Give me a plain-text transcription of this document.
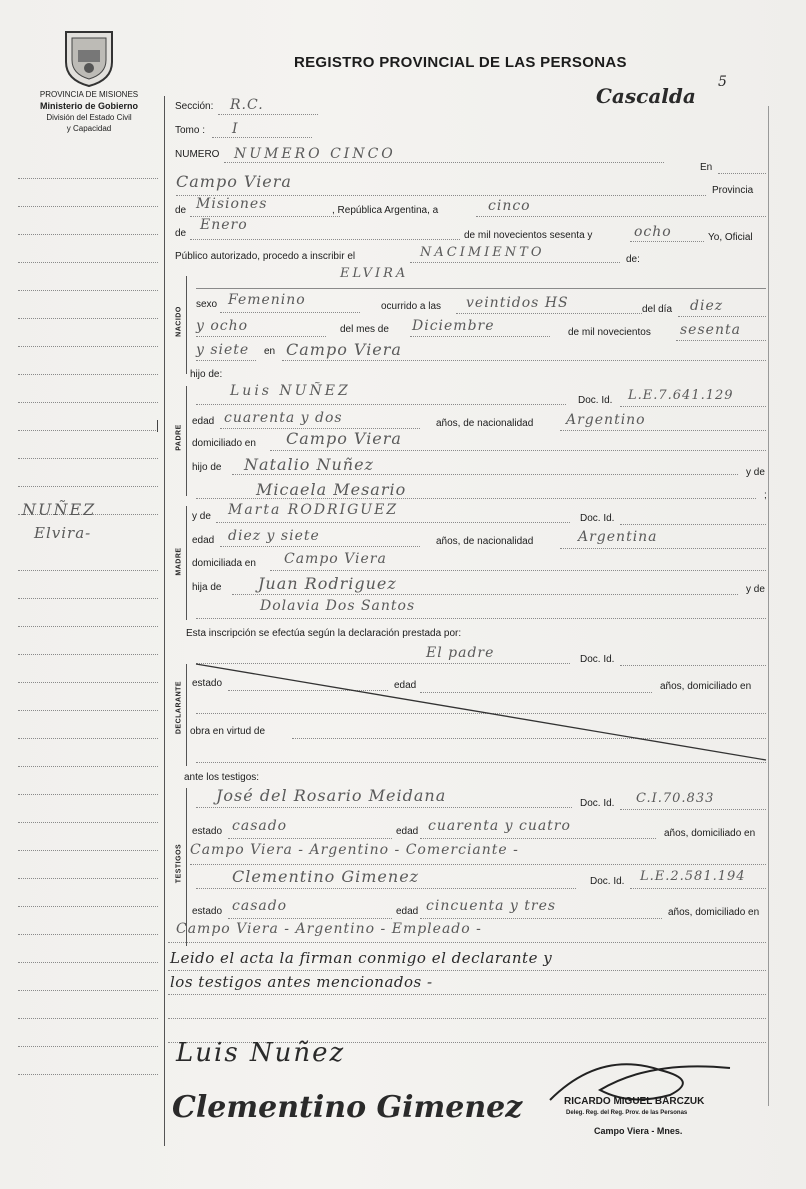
PROVINCIA DE MISIONES
Ministerio de Gobierno
División del Estado Civil
y Capacidad
REGISTRO PROVINCIAL DE LAS PERSONAS
5
Cascalda
NUÑEZ
Elvira-
NACIDO
PADRE
MADRE
DECLARANTE
TESTIGOS
Sección: R.C.
Tomo : I
NUMERO NUMERO CINCO
En
Campo Viera	Provincia
de Misiones	, República Argentina, a	cinco
de
Enero
de mil novecientos sesenta y	ocho	Yo, Oficial
Público autorizado, procedo a inscribir el	NACIMIENTO	de:
ELVIRA
sexo Femenino	ocurrido a las veintidos HS	del día diez
y ocho	del mes de Diciembre	de mil novecientos sesenta
y siete en Campo Viera
hijo de:
Luis NUÑEZ
Doc. Id. L.E.7.641.129
edad cuarenta y dos	años, de nacionalidad Argentino
domiciliado en Campo Viera
hijo de Natalio Nuñez	y de
Micaela Mesario	;
y de Marta RODRIGUEZ
Doc. Id.
edad diez y siete	años, de nacionalidad	Argentina
domiciliada en Campo Viera
hija de Juan Rodriguez	y de
Dolavia Dos Santos
Esta inscripción se efectúa según la declaración prestada por:
El padre	Doc. Id.
estado	edad	años, domiciliado en
obra en virtud de
ante los testigos:
José del Rosario Meidana	Doc. Id. C.I.70.833
estado casado	edad cuarenta y cuatro	años, domiciliado en
Campo Viera - Argentino - Comerciante -
Clementino Gimenez	Doc. Id. L.E.2.581.194
estado casado	edad cincuenta y tres	años, domiciliado en
Campo Viera - Argentino - Empleado -
Leido el acta la firman conmigo el declarante y
los testigos antes mencionados -
Luis Nuñez
Clementino Gimenez	RICARDO MIGUEL BARCZUK
Deleg. Reg. del Reg. Prov. de las Personas
Campo Viera - Mnes.
